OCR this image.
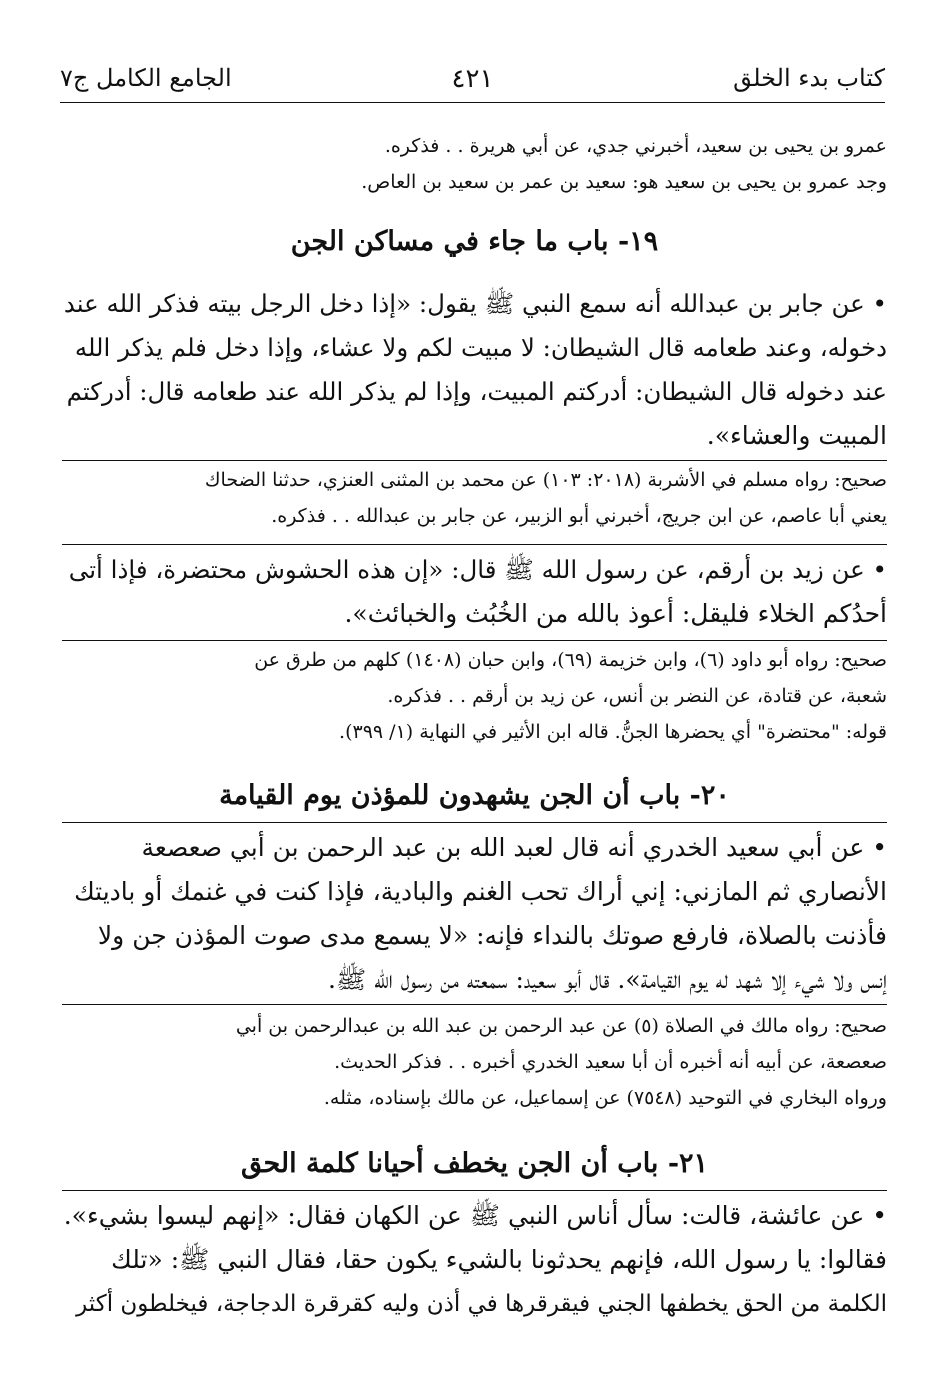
كتاب بدء الخلق
٤٢١
الجامع الكامل ج٧
عمرو بن يحيى بن سعيد، أخبرني جدي، عن أبي هريرة . . فذكره.
وجد عمرو بن يحيى بن سعيد هو: سعيد بن عمر بن سعيد بن العاص.
١٩- باب ما جاء في مساكن الجن
• عن جابر بن عبدالله أنه سمع النبي ﷺ يقول: «إذا دخل الرجل بيته فذكر الله عند
دخوله، وعند طعامه قال الشيطان: لا مبيت لكم ولا عشاء، وإذا دخل فلم يذكر الله
عند دخوله قال الشيطان: أدركتم المبيت، وإذا لم يذكر الله عند طعامه قال: أدركتم
المبيت والعشاء».
صحيح: رواه مسلم في الأشربة (٢٠١٨: ١٠٣) عن محمد بن المثنى العنزي، حدثنا الضحاك
يعني أبا عاصم، عن ابن جريج، أخبرني أبو الزبير، عن جابر بن عبدالله . . فذكره.
• عن زيد بن أرقم، عن رسول الله ﷺ قال: «إن هذه الحشوش محتضرة، فإذا أتى
أحدُكم الخلاء فليقل: أعوذ بالله من الخُبُث والخبائث».
صحيح: رواه أبو داود (٦)، وابن خزيمة (٦٩)، وابن حبان (١٤٠٨) كلهم من طرق عن
شعبة، عن قتادة، عن النضر بن أنس، عن زيد بن أرقم . . فذكره.
قوله: "محتضرة" أي يحضرها الجنُّ. قاله ابن الأثير في النهاية (١/ ٣٩٩).
٢٠- باب أن الجن يشهدون للمؤذن يوم القيامة
• عن أبي سعيد الخدري أنه قال لعبد الله بن عبد الرحمن بن أبي صعصعة
الأنصاري ثم المازني: إني أراك تحب الغنم والبادية، فإذا كنت في غنمك أو باديتك
فأذنت بالصلاة، فارفع صوتك بالنداء فإنه: «لا يسمع مدى صوت المؤذن جن ولا
إنس ولا شيء إلا شهد له يوم القيامة». قال أبو سعيد: سمعته من رسول الله ﷺ.
صحيح: رواه مالك في الصلاة (٥) عن عبد الرحمن بن عبد الله بن عبدالرحمن بن أبي
صعصعة، عن أبيه أنه أخبره أن أبا سعيد الخدري أخبره . . فذكر الحديث.
ورواه البخاري في التوحيد (٧٥٤٨) عن إسماعيل، عن مالك بإسناده، مثله.
٢١- باب أن الجن يخطف أحيانا كلمة الحق
• عن عائشة، قالت: سأل أناس النبي ﷺ عن الكهان فقال: «إنهم ليسوا بشيء».
فقالوا: يا رسول الله، فإنهم يحدثونا بالشيء يكون حقا، فقال النبي ﷺ: «تلك
الكلمة من الحق يخطفها الجني فيقرقرها في أذن وليه كقرقرة الدجاجة، فيخلطون أكثر
